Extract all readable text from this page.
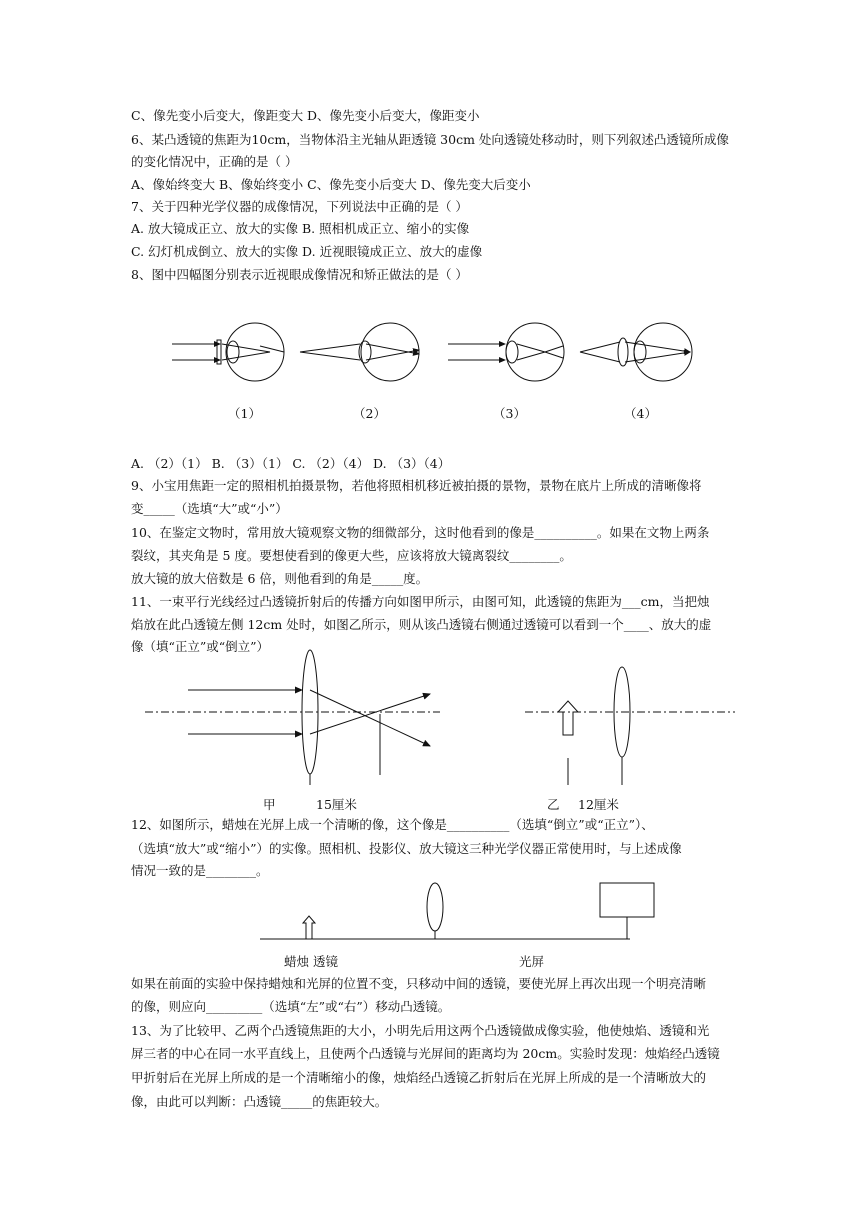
C、像先变小后变大，像距变大 D、像先变小后变大，像距变小
6、某凸透镜的焦距为10cm，当物体沿主光轴从距透镜 30cm 处向透镜处移动时，则下列叙述凸透镜所成像
的变化情况中，正确的是（ ）
A、像始终变大 B、像始终变小 C、像先变小后变大 D、像先变大后变小
7、关于四种光学仪器的成像情况，下列说法中正确的是（ ）
A. 放大镜成正立、放大的实像 B. 照相机成正立、缩小的实像
C. 幻灯机成倒立、放大的实像 D. 近视眼镜成正立、放大的虚像
8、图中四幅图分别表示近视眼成像情况和矫正做法的是（ ）
（1）	（2）	（3）	（4）
A. （2）（1） B. （3）（1） C. （2）（4） D. （3）（4）
9、小宝用焦距一定的照相机拍摄景物，若他将照相机移近被拍摄的景物，景物在底片上所成的清晰像将
变_____（选填“大”或“小”）
10、在鉴定文物时，常用放大镜观察文物的细微部分，这时他看到的像是__________。如果在文物上两条
裂纹，其夹角是 5 度。要想使看到的像更大些，应该将放大镜离裂纹________。
放大镜的放大倍数是 6 倍，则他看到的角是_____度。
11、一束平行光线经过凸透镜折射后的传播方向如图甲所示，由图可知，此透镜的焦距为___cm，当把烛
焰放在此凸透镜左侧 12cm 处时，如图乙所示，则从该凸透镜右侧通过透镜可以看到一个____、放大的虚
像（填“正立”或“倒立”）
甲	15厘米	乙 12厘米
12、如图所示，蜡烛在光屏上成一个清晰的像，这个像是__________（选填“倒立”或“正立”）、
（选填“放大”或“缩小”）的实像。照相机、投影仪、放大镜这三种光学仪器正常使用时，与上述成像
情况一致的是________。
蜡烛 透镜	光屏
如果在前面的实验中保持蜡烛和光屏的位置不变，只移动中间的透镜，要使光屏上再次出现一个明亮清晰
的像，则应向_________（选填“左”或“右”）移动凸透镜。
13、为了比较甲、乙两个凸透镜焦距的大小，小明先后用这两个凸透镜做成像实验，他使烛焰、透镜和光
屏三者的中心在同一水平直线上，且使两个凸透镜与光屏间的距离均为 20cm。实验时发现：烛焰经凸透镜
甲折射后在光屏上所成的是一个清晰缩小的像，烛焰经凸透镜乙折射后在光屏上所成的是一个清晰放大的
像，由此可以判断：凸透镜_____的焦距较大。
